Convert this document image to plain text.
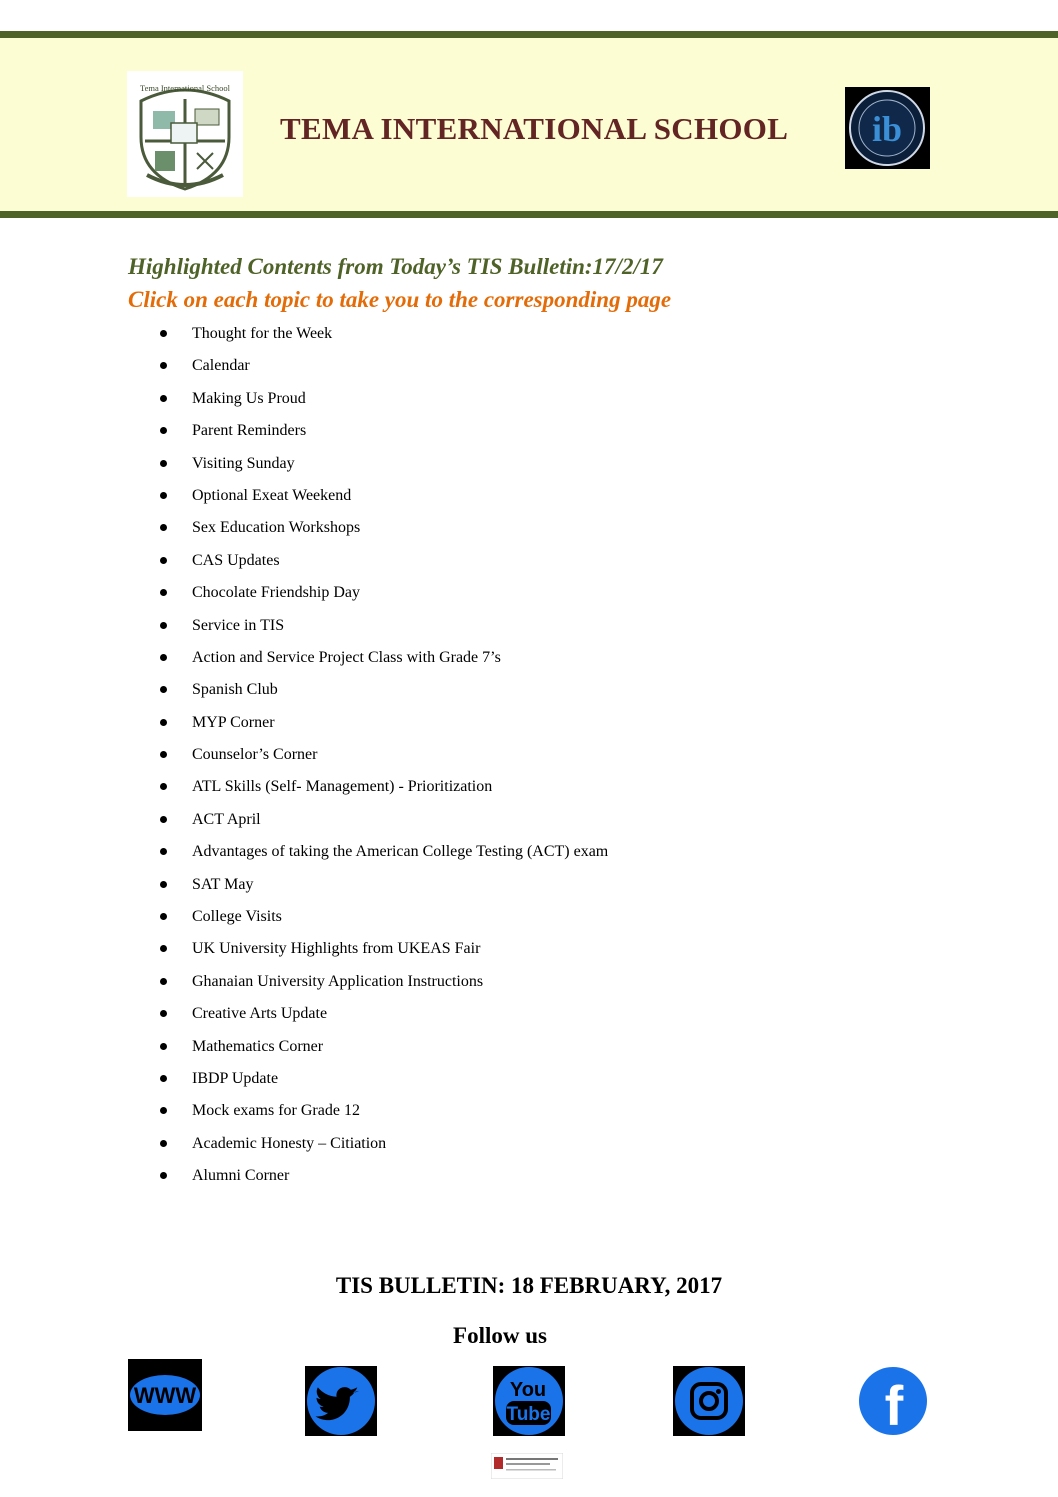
Tema International School
TEMA INTERNATIONAL SCHOOL ib
Highlighted Contents from Today’s TIS Bulletin:17/2/17
Click on each topic to take you to the corresponding page
Thought for the Week
Calendar
Making Us Proud
Parent Reminders
Visiting Sunday
Optional Exeat Weekend
Sex Education Workshops
CAS Updates
Chocolate Friendship Day
Service in TIS
Action and Service Project Class with Grade 7’s
Spanish Club
MYP Corner
Counselor’s Corner
ATL Skills (Self- Management) - Prioritization
ACT April
Advantages of taking the American College Testing (ACT) exam
SAT May
College Visits
UK University Highlights from UKEAS Fair
Ghanaian University Application Instructions
Creative Arts Update
Mathematics Corner
IBDP Update
Mock exams for Grade 12
Academic Honesty – Citiation
Alumni Corner
TIS BULLETIN: 18 FEBRUARY, 2017
Follow us
WWW	You
Tube	f
